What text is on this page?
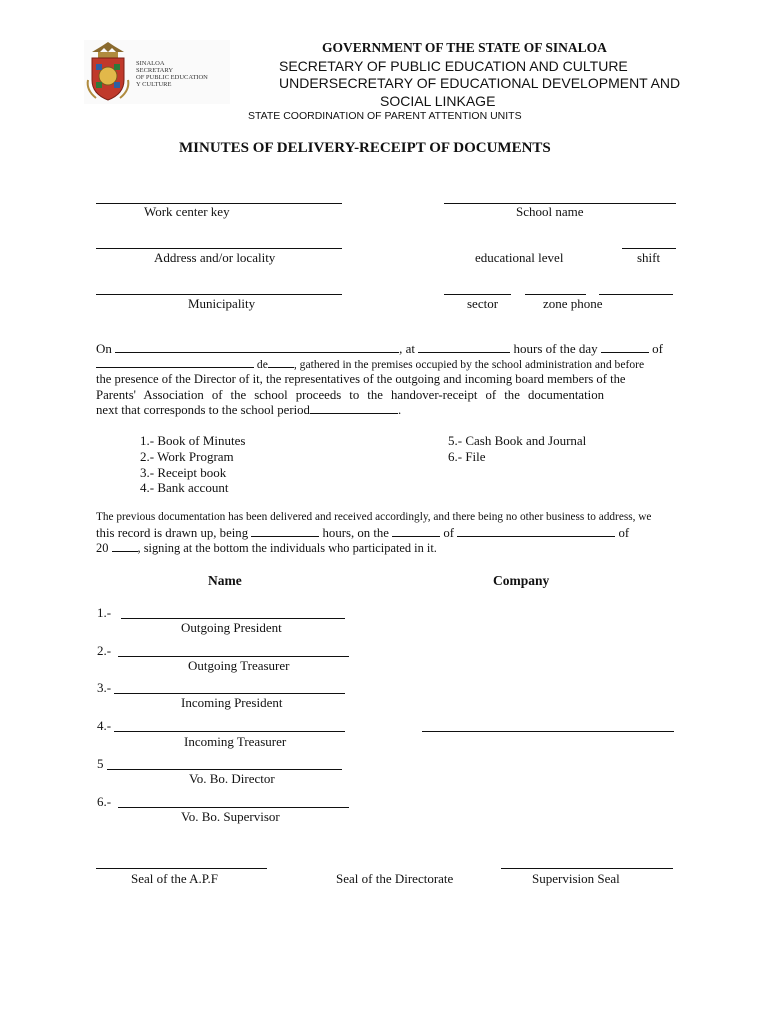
SINALOA
SECRETARY
OF PUBLIC EDUCATION
Y CULTURE
GOVERNMENT OF THE STATE OF SINALOA
SECRETARY OF PUBLIC EDUCATION AND CULTURE
UNDERSECRETARY OF EDUCATIONAL DEVELOPMENT AND
SOCIAL LINKAGE
STATE COORDINATION OF PARENT ATTENTION UNITS
MINUTES OF DELIVERY-RECEIPT OF DOCUMENTS
Work center key	School name
Address and/or locality	educational level	shift
Municipality	sector	zone phone
On	, at	hours of the day	of
de , gathered in the premises occupied by the school administration and before
the presence of the Director of it, the representatives of the outgoing and incoming board members of the
Parents' Association of the school proceeds to the handover-receipt of the documentation
next that corresponds to the school period	.
1.- Book of Minutes
2.- Work Program
3.- Receipt book
4.- Bank account
5.- Cash Book and Journal
6.- File
The previous documentation has been delivered and received accordingly, and there being no other business to address, we
this record is drawn up, being	hours, on the	of	of
20 , signing at the bottom the individuals who participated in it.
Name	Company
1.-
Outgoing President
2.-
Outgoing Treasurer
3.-
Incoming President
4.-
Incoming Treasurer
5
Vo. Bo. Director
6.-
Vo. Bo. Supervisor
Seal of the A.P.F	Seal of the Directorate	Supervision Seal
